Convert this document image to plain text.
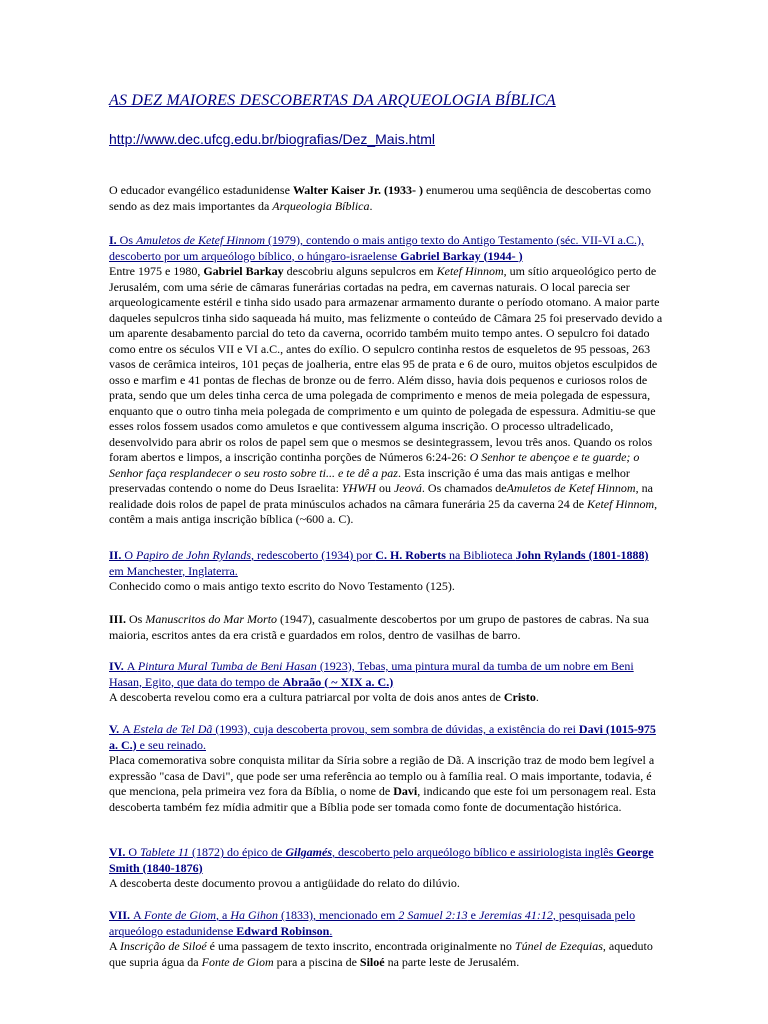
AS DEZ MAIORES DESCOBERTAS DA ARQUEOLOGIA BÍBLICA
http://www.dec.ufcg.edu.br/biografias/Dez_Mais.html

O educador evangélico estadunidense Walter Kaiser Jr. (1933- ) enumerou uma seqüência de descobertas como sendo as dez mais importantes da Arqueologia Bíblica.

I. Os Amuletos de Ketef Hinnom (1979), contendo o mais antigo texto do Antigo Testamento (séc. VII-VI a.C.), descoberto por um arqueólogo bíblico, o húngaro-israelense Gabriel Barkay (1944- )

Entre 1975 e 1980, Gabriel Barkay descobriu alguns sepulcros em Ketef Hinnom, um sítio arqueológico perto de Jerusalém, com uma série de câmaras funerárias cortadas na pedra, em cavernas naturais. O local parecia ser arqueologicamente estéril e tinha sido usado para armazenar armamento durante o período otomano. A maior parte daqueles sepulcros tinha sido saqueada há muito, mas felizmente o conteúdo de Câmara 25 foi preservado devido a um aparente desabamento parcial do teto da caverna, ocorrido também muito tempo antes. O sepulcro foi datado como entre os séculos VII e VI a.C., antes do exílio. O sepulcro continha restos de esqueletos de 95 pessoas, 263 vasos de cerâmica inteiros, 101 peças de joalheria, entre elas 95 de prata e 6 de ouro, muitos objetos esculpidos de osso e marfim e 41 pontas de flechas de bronze ou de ferro. Além disso, havia dois pequenos e curiosos rolos de prata, sendo que um deles tinha cerca de uma polegada de comprimento e menos de meia polegada de espessura, enquanto que o outro tinha meia polegada de comprimento e um quinto de polegada de espessura. Admitiu-se que esses rolos fossem usados como amuletos e que contivessem alguma inscrição. O processo ultradelicado, desenvolvido para abrir os rolos de papel sem que o mesmos se desintegrassem, levou três anos. Quando os rolos foram abertos e limpos, a inscrição continha porções de Números 6:24-26: O Senhor te abençoe e te guarde; o Senhor faça resplandecer o seu rosto sobre ti... e te dê a paz. Esta inscrição é uma das mais antigas e melhor preservadas contendo o nome do Deus Israelita: YHWH ou Jeová. Os chamados deAmuletos de Ketef Hinnom, na realidade dois rolos de papel de prata minúsculos achados na câmara funerária 25 da caverna 24 de Ketef Hinnom, contêm a mais antiga inscrição bíblica (~600 a. C).

II. O Papiro de John Rylands, redescoberto (1934) por C. H. Roberts na Biblioteca John Rylands (1801-1888) em Manchester, Inglaterra.

Conhecido como o mais antigo texto escrito do Novo Testamento (125).

III. Os Manuscritos do Mar Morto (1947), casualmente descobertos por um grupo de pastores de cabras. Na sua maioria, escritos antes da era cristã e guardados em rolos, dentro de vasilhas de barro.

IV. A Pintura Mural Tumba de Beni Hasan (1923), Tebas, uma pintura mural da tumba de um nobre em Beni Hasan, Egito, que data do tempo de Abraão ( ~ XIX a. C.)

A descoberta revelou como era a cultura patriarcal por volta de dois anos antes de Cristo.

V. A Estela de Tel Dã (1993), cuja descoberta provou, sem sombra de dúvidas, a existência do rei Davi (1015-975 a. C.) e seu reinado.

Placa comemorativa sobre conquista militar da Síria sobre a região de Dã. A inscrição traz de modo bem legível a expressão "casa de Davi", que pode ser uma referência ao templo ou à família real. O mais importante, todavia, é que menciona, pela primeira vez fora da Bíblia, o nome de Davi, indicando que este foi um personagem real. Esta descoberta também fez mídia admitir que a Bíblia pode ser tomada como fonte de documentação histórica.

VI. O Tablete 11 (1872) do épico de Gilgamés, descoberto pelo arqueólogo bíblico e assiriologista inglês George Smith (1840-1876)

A descoberta deste documento provou a antigüidade do relato do dilúvio.

VII. A Fonte de Giom, a Ha Gihon (1833), mencionado em 2 Samuel 2:13 e Jeremias 41:12, pesquisada pelo arqueólogo estadunidense Edward Robinson.

A Inscrição de Siloé é uma passagem de texto inscrito, encontrada originalmente no Túnel de Ezequias, aqueduto que supria água da Fonte de Giom para a piscina de Siloé na parte leste de Jerusalém.
